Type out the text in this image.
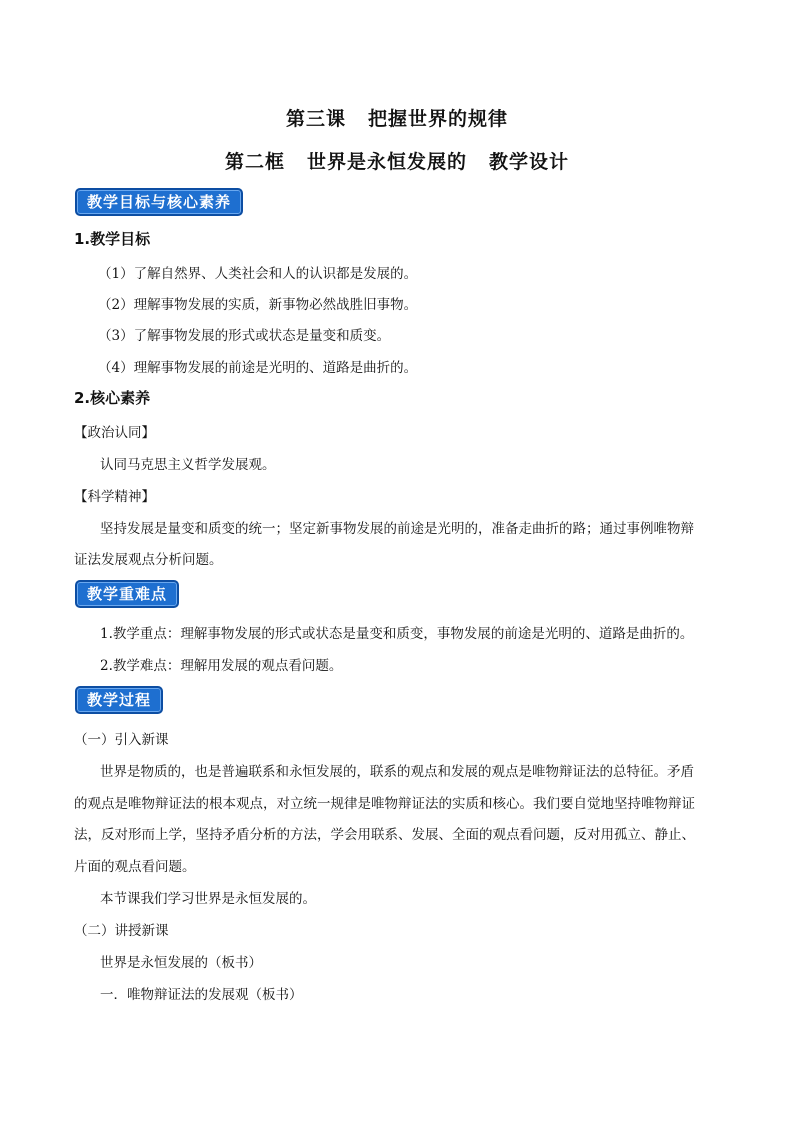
第三课 把握世界的规律
第二框 世界是永恒发展的 教学设计
教学目标与核心素养
1.教学目标
（1）了解自然界、人类社会和人的认识都是发展的。
（2）理解事物发展的实质，新事物必然战胜旧事物。
（3）了解事物发展的形式或状态是量变和质变。
（4）理解事物发展的前途是光明的、道路是曲折的。
2.核心素养
【政治认同】
认同马克思主义哲学发展观。
【科学精神】
坚持发展是量变和质变的统一；坚定新事物发展的前途是光明的，准备走曲折的路；通过事例唯物辩
证法发展观点分析问题。
教学重难点
1.教学重点：理解事物发展的形式或状态是量变和质变，事物发展的前途是光明的、道路是曲折的。
2.教学难点：理解用发展的观点看问题。
教学过程
（一）引入新课
世界是物质的，也是普遍联系和永恒发展的，联系的观点和发展的观点是唯物辩证法的总特征。矛盾
的观点是唯物辩证法的根本观点，对立统一规律是唯物辩证法的实质和核心。我们要自觉地坚持唯物辩证
法，反对形而上学，坚持矛盾分析的方法，学会用联系、发展、全面的观点看问题，反对用孤立、静止、
片面的观点看问题。
本节课我们学习世界是永恒发展的。
（二）讲授新课
世界是永恒发展的（板书）
一．唯物辩证法的发展观（板书）
